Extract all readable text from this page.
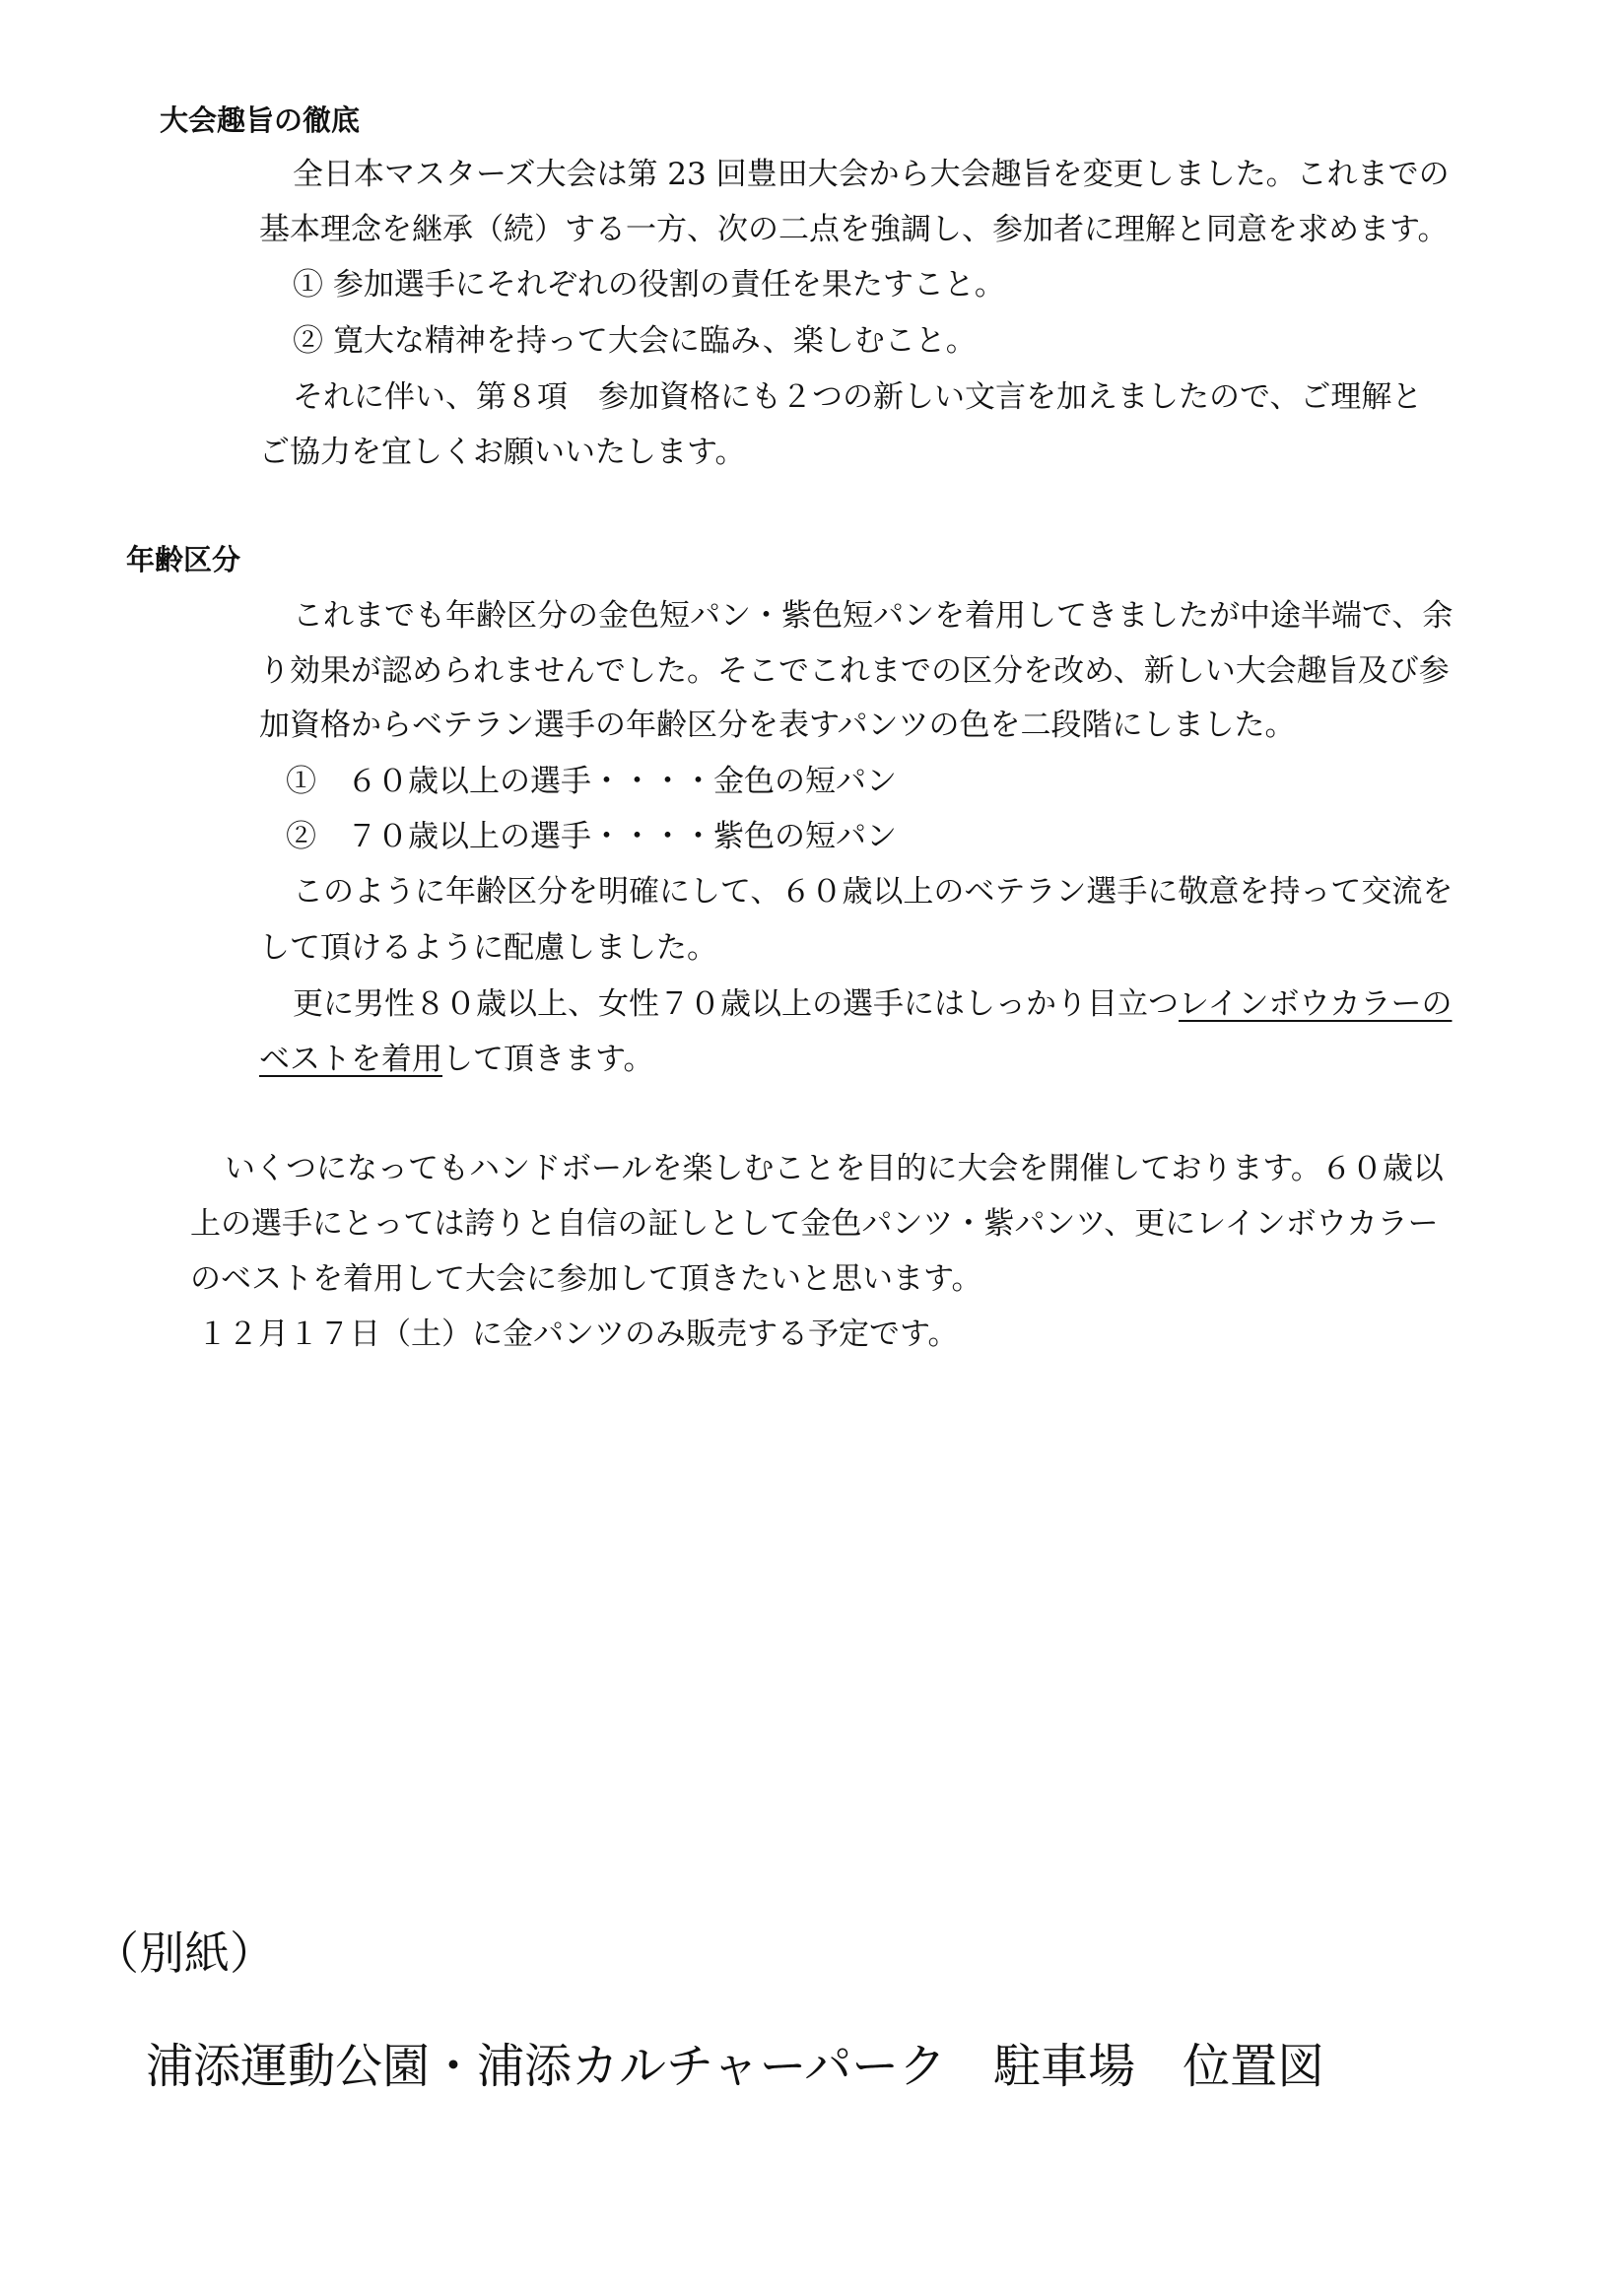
大会趣旨の徹底
全日本マスターズ大会は第 23 回豊田大会から大会趣旨を変更しました。これまでの
基本理念を継承（続）する一方、次の二点を強調し、参加者に理解と同意を求めます。
① 参加選手にそれぞれの役割の責任を果たすこと。
② 寛大な精神を持って大会に臨み、楽しむこと。
それに伴い、第８項　参加資格にも２つの新しい文言を加えましたので、ご理解と
ご協力を宜しくお願いいたします。
年齢区分
これまでも年齢区分の金色短パン・紫色短パンを着用してきましたが中途半端で、余
り効果が認められませんでした。そこでこれまでの区分を改め、新しい大会趣旨及び参
加資格からベテラン選手の年齢区分を表すパンツの色を二段階にしました。
①　６０歳以上の選手・・・・金色の短パン
②　７０歳以上の選手・・・・紫色の短パン
このように年齢区分を明確にして、６０歳以上のベテラン選手に敬意を持って交流を
して頂けるように配慮しました。
更に男性８０歳以上、女性７０歳以上の選手にはしっかり目立つレインボウカラーの
ベストを着用して頂きます。
いくつになってもハンドボールを楽しむことを目的に大会を開催しております。６０歳以
上の選手にとっては誇りと自信の証しとして金色パンツ・紫パンツ、更にレインボウカラー
のベストを着用して大会に参加して頂きたいと思います。
１２月１７日（土）に金パンツのみ販売する予定です。
（別紙）
浦添運動公園・浦添カルチャーパーク　駐車場　位置図
